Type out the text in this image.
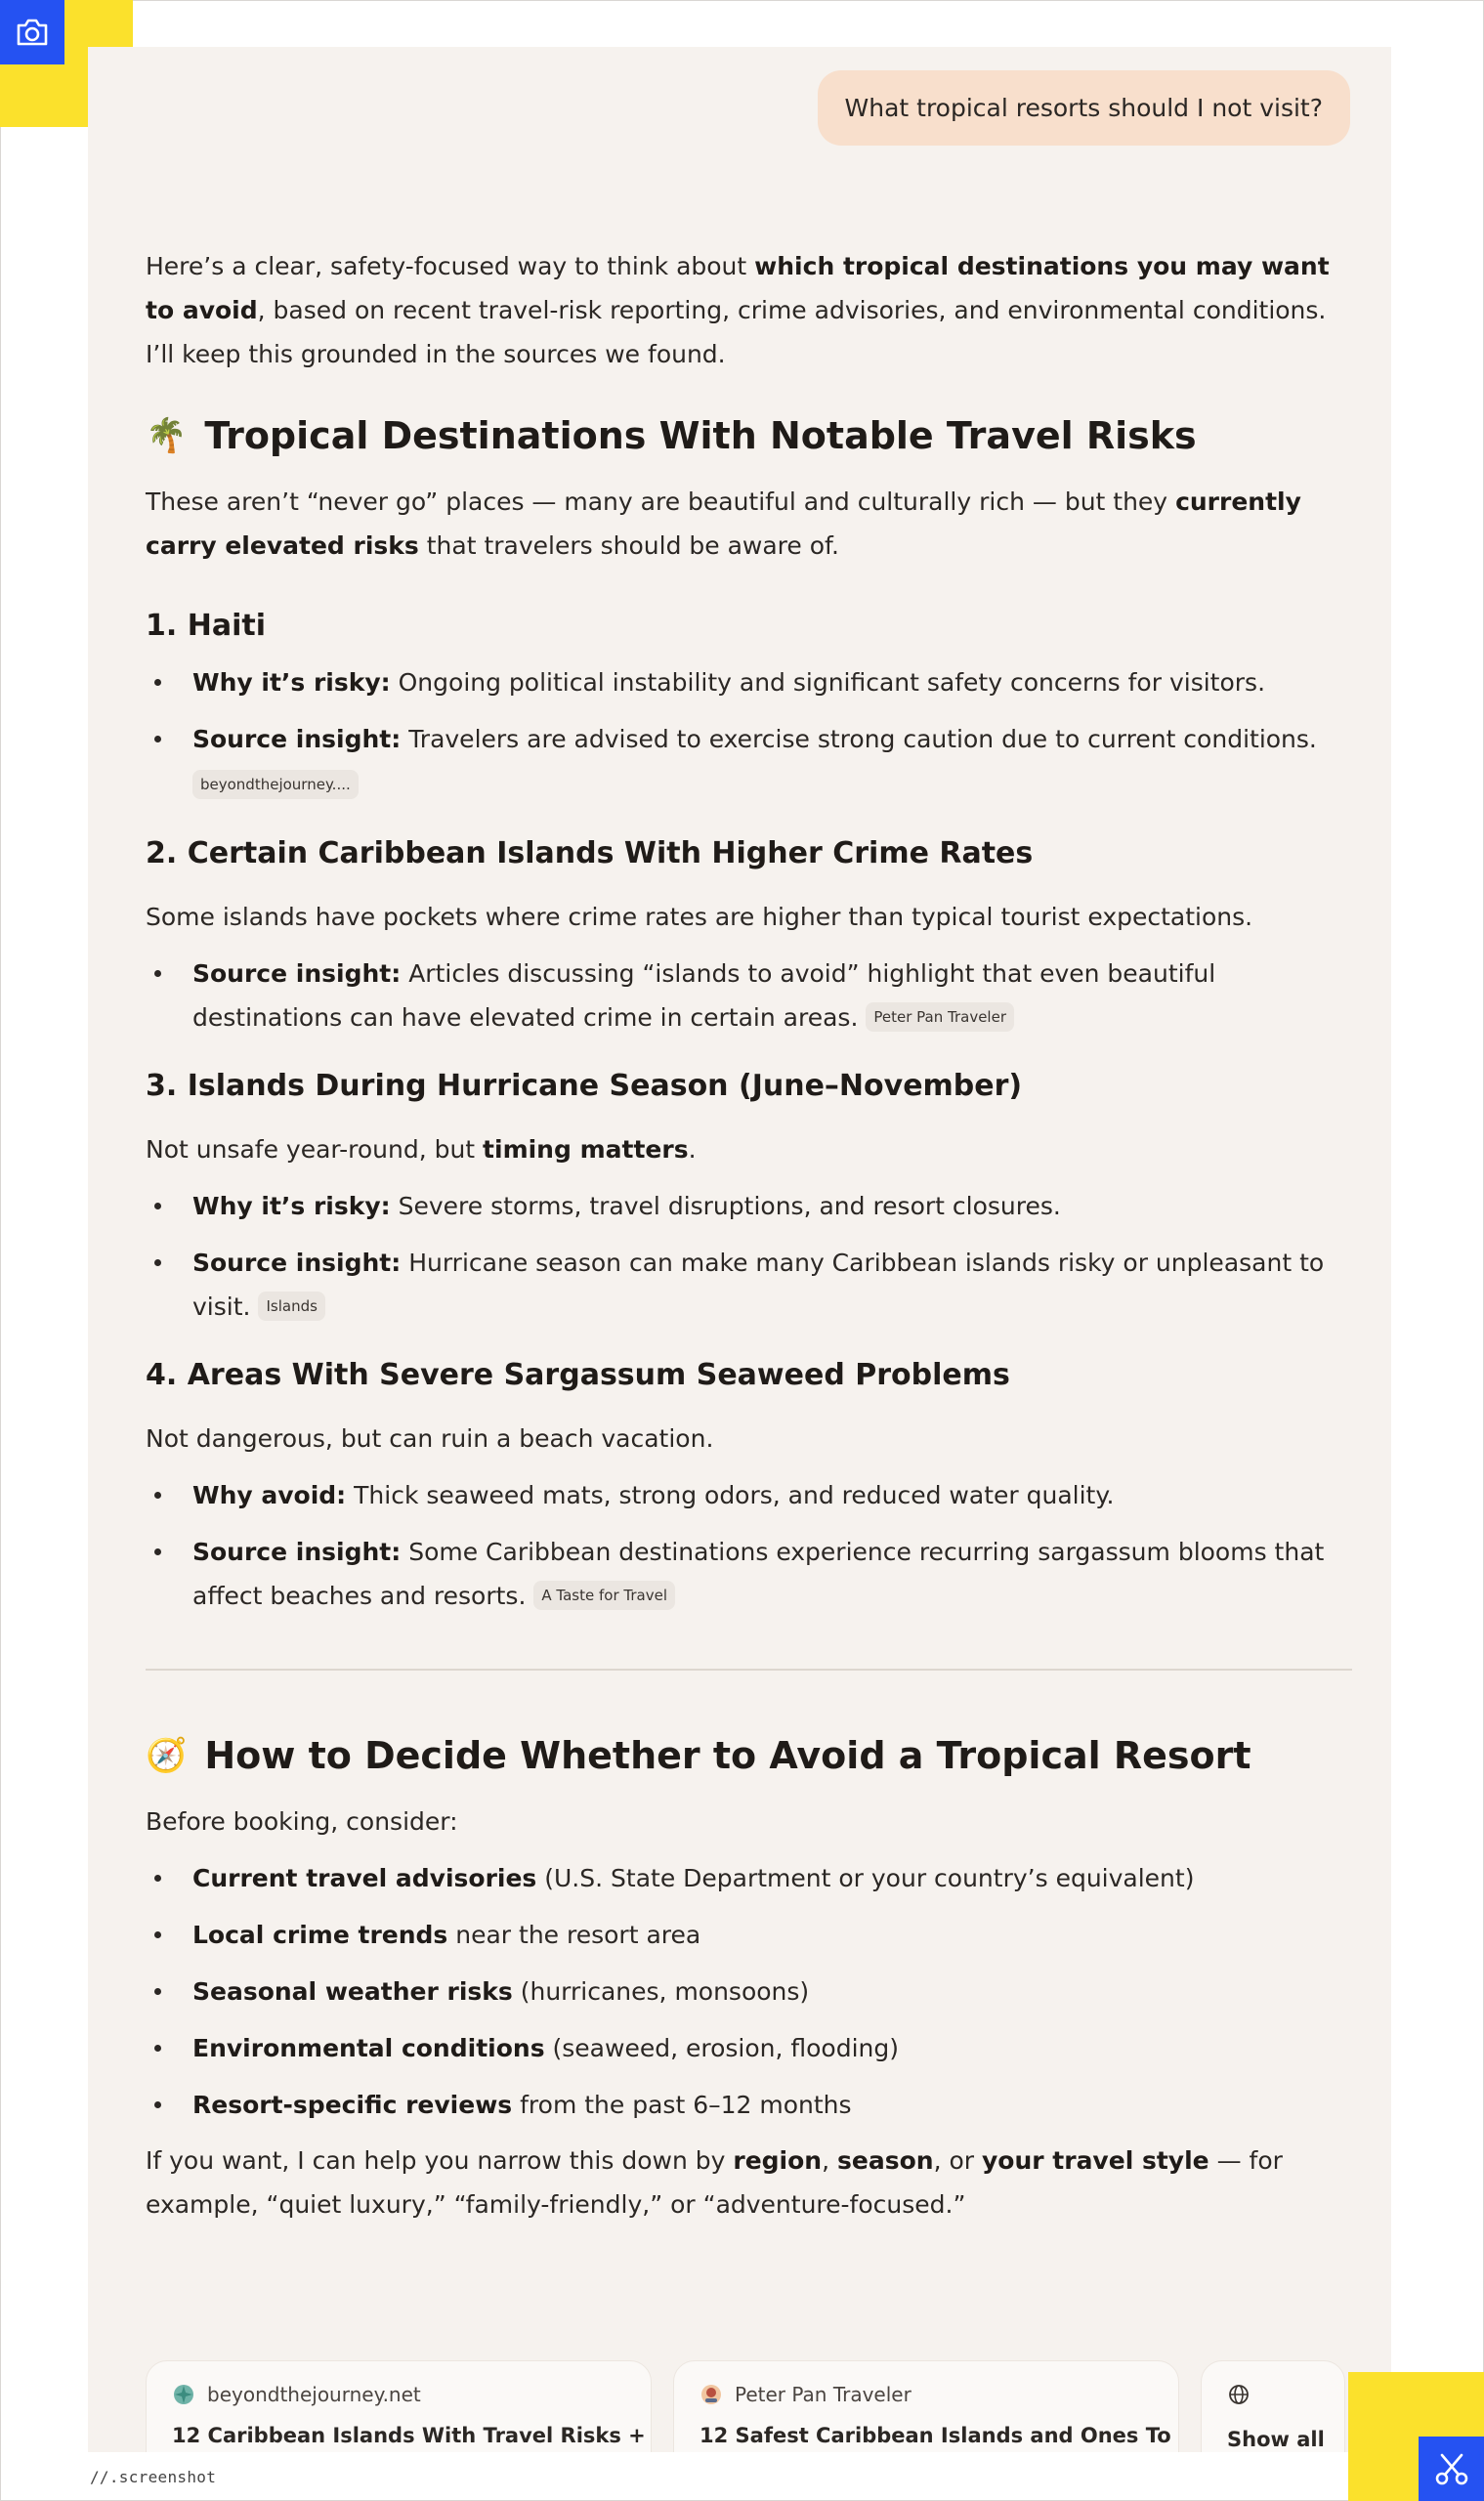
What tropical resorts should I not visit?

Here’s a clear, safety-focused way to think about which tropical destinations you may want to avoid, based on recent travel-risk reporting, crime advisories, and environmental conditions. I’ll keep this grounded in the sources we found.

🌴 Tropical Destinations With Notable Travel Risks

These aren’t “never go” places — many are beautiful and culturally rich — but they currently carry elevated risks that travelers should be aware of.

1. Haiti
Why it’s risky: Ongoing political instability and significant safety concerns for visitors.
Source insight: Travelers are advised to exercise strong caution due to current conditions.
beyondthejourney....
2. Certain Caribbean Islands With Higher Crime Rates

Some islands have pockets where crime rates are higher than typical tourist expectations.

Source insight: Articles discussing “islands to avoid” highlight that even beautiful destinations can have elevated crime in certain areas. Peter Pan Traveler
3. Islands During Hurricane Season (June–November)

Not unsafe year-round, but timing matters.

Why it’s risky: Severe storms, travel disruptions, and resort closures.
Source insight: Hurricane season can make many Caribbean islands risky or unpleasant to visit. Islands
4. Areas With Severe Sargassum Seaweed Problems

Not dangerous, but can ruin a beach vacation.

Why avoid: Thick seaweed mats, strong odors, and reduced water quality.
Source insight: Some Caribbean destinations experience recurring sargassum blooms that affect beaches and resorts. A Taste for Travel
🧭 How to Decide Whether to Avoid a Tropical Resort

Before booking, consider:

Current travel advisories (U.S. State Department or your country’s equivalent)
Local crime trends near the resort area
Seasonal weather risks (hurricanes, monsoons)
Environmental conditions (seaweed, erosion, flooding)
Resort-specific reviews from the past 6–12 months

If you want, I can help you narrow this down by region, season, or your travel style — for example, “quiet luxury,” “family-friendly,” or “adventure-focused.”

beyondthejourney.net
12 Caribbean Islands With Travel Risks +
Peter Pan Traveler
12 Safest Caribbean Islands and Ones To	Show all
//.screenshot
